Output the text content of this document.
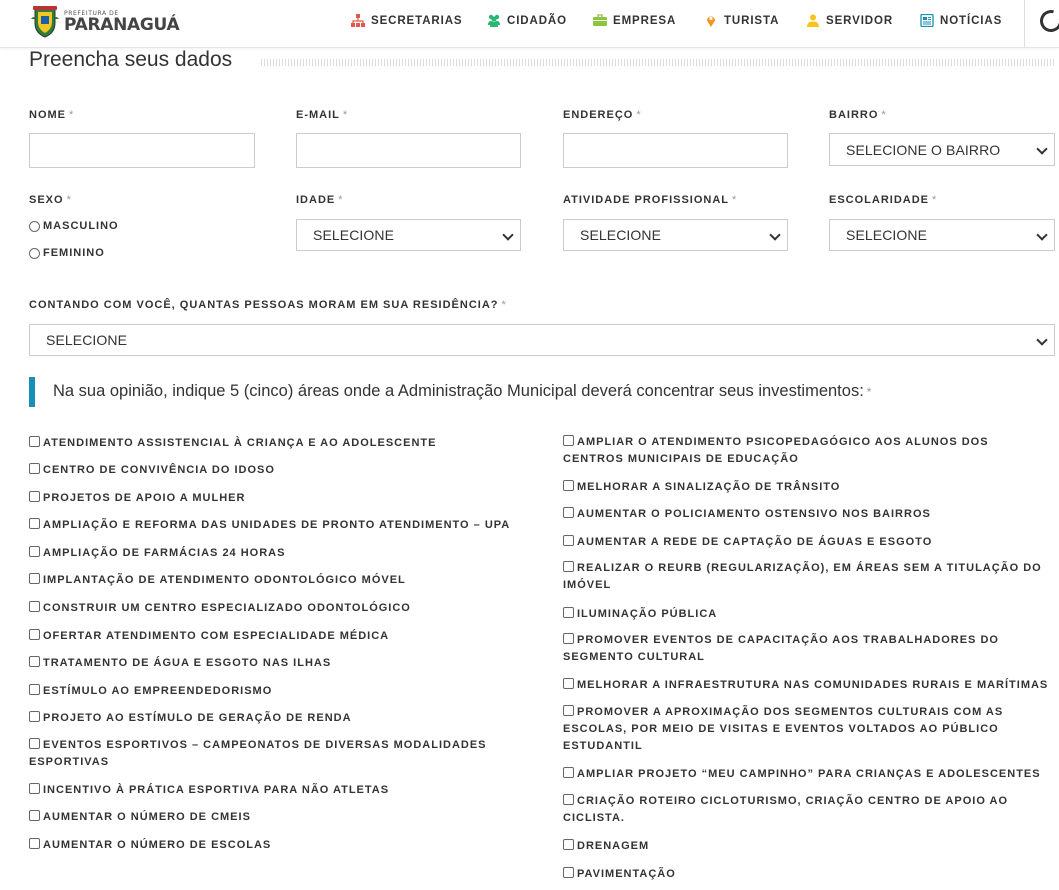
PREFEITURA DE
PARANAGUÁ	SECRETARIAS	CIDADÃO	EMPRESA	TURISTA	SERVIDOR	NOTÍCIAS
Preencha seus dados
NOME *	E-MAIL *	ENDEREÇO *	BAIRRO *
SELECIONE O BAIRRO
SEXO *
MASCULINO
FEMININO
IDADE *
SELECIONE
ATIVIDADE PROFISSIONAL *
SELECIONE
ESCOLARIDADE *
SELECIONE
CONTANDO COM VOCÊ, QUANTAS PESSOAS MORAM EM SUA RESIDÊNCIA? *
SELECIONE
Na sua opinião, indique 5 (cinco) áreas onde a Administração Municipal deverá concentrar seus investimentos: *
ATENDIMENTO ASSISTENCIAL À CRIANÇA E AO ADOLESCENTE
CENTRO DE CONVIVÊNCIA DO IDOSO
PROJETOS DE APOIO A MULHER
AMPLIAÇÃO E REFORMA DAS UNIDADES DE PRONTO ATENDIMENTO – UPA
AMPLIAÇÃO DE FARMÁCIAS 24 HORAS
IMPLANTAÇÃO DE ATENDIMENTO ODONTOLÓGICO MÓVEL
CONSTRUIR UM CENTRO ESPECIALIZADO ODONTOLÓGICO
OFERTAR ATENDIMENTO COM ESPECIALIDADE MÉDICA
TRATAMENTO DE ÁGUA E ESGOTO NAS ILHAS
ESTÍMULO AO EMPREENDEDORISMO
PROJETO AO ESTÍMULO DE GERAÇÃO DE RENDA
EVENTOS ESPORTIVOS – CAMPEONATOS DE DIVERSAS MODALIDADES ESPORTIVAS
INCENTIVO À PRÁTICA ESPORTIVA PARA NÃO ATLETAS
AUMENTAR O NÚMERO DE CMEIS
AUMENTAR O NÚMERO DE ESCOLAS
AMPLIAR O ATENDIMENTO PSICOPEDAGÓGICO AOS ALUNOS DOS CENTROS MUNICIPAIS DE EDUCAÇÃO
MELHORAR A SINALIZAÇÃO DE TRÂNSITO
AUMENTAR O POLICIAMENTO OSTENSIVO NOS BAIRROS
AUMENTAR A REDE DE CAPTAÇÃO DE ÁGUAS E ESGOTO
REALIZAR O REURB (REGULARIZAÇÃO), EM ÁREAS SEM A TITULAÇÃO DO IMÓVEL
ILUMINAÇÃO PÚBLICA
PROMOVER EVENTOS DE CAPACITAÇÃO AOS TRABALHADORES DO SEGMENTO CULTURAL
MELHORAR A INFRAESTRUTURA NAS COMUNIDADES RURAIS E MARÍTIMAS
PROMOVER A APROXIMAÇÃO DOS SEGMENTOS CULTURAIS COM AS ESCOLAS, POR MEIO DE VISITAS E EVENTOS VOLTADOS AO PÚBLICO ESTUDANTIL
AMPLIAR PROJETO “MEU CAMPINHO” PARA CRIANÇAS E ADOLESCENTES
CRIAÇÃO ROTEIRO CICLOTURISMO, CRIAÇÃO CENTRO DE APOIO AO CICLISTA.
DRENAGEM
PAVIMENTAÇÃO
